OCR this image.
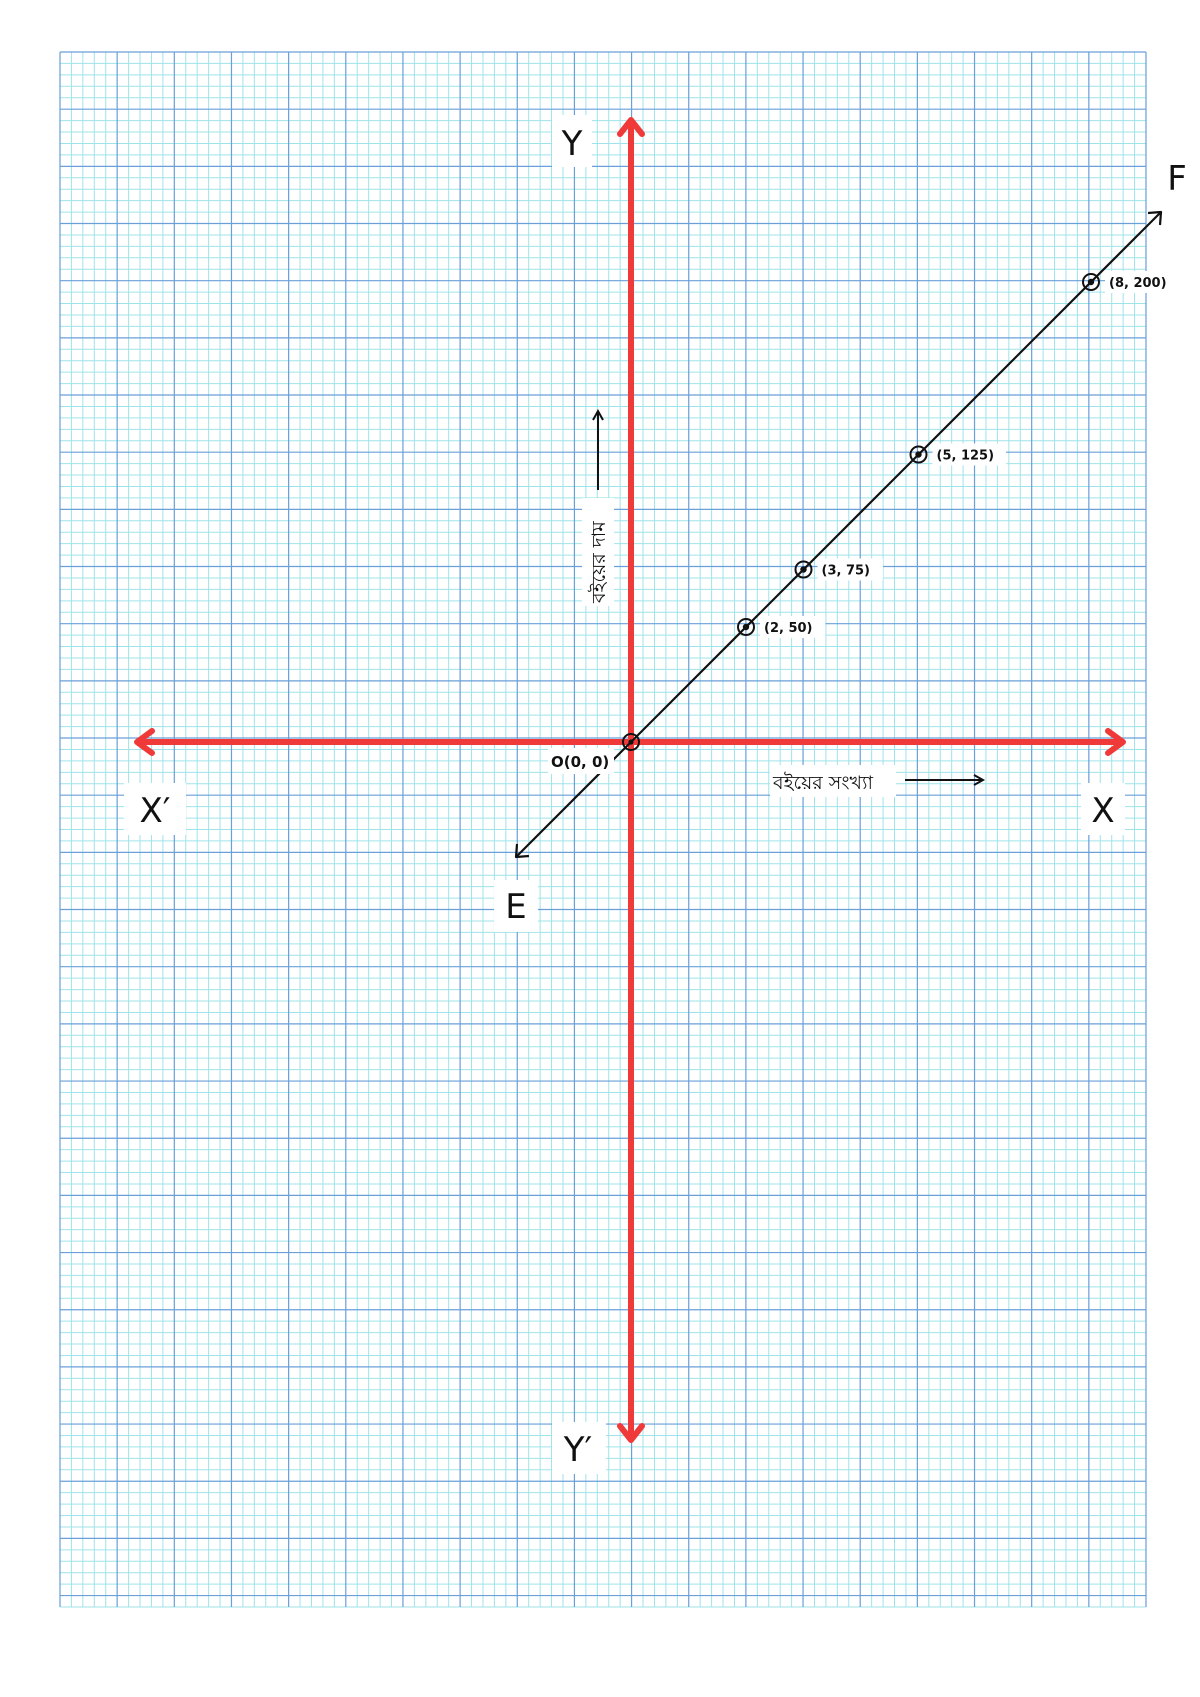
(2, 50)
(3, 75)
(5, 125)
(8, 200)
Y
Y′
X
X′
E
F
O(0, 0)
বইয়ের সংখ্যা
বইয়ের দাম
